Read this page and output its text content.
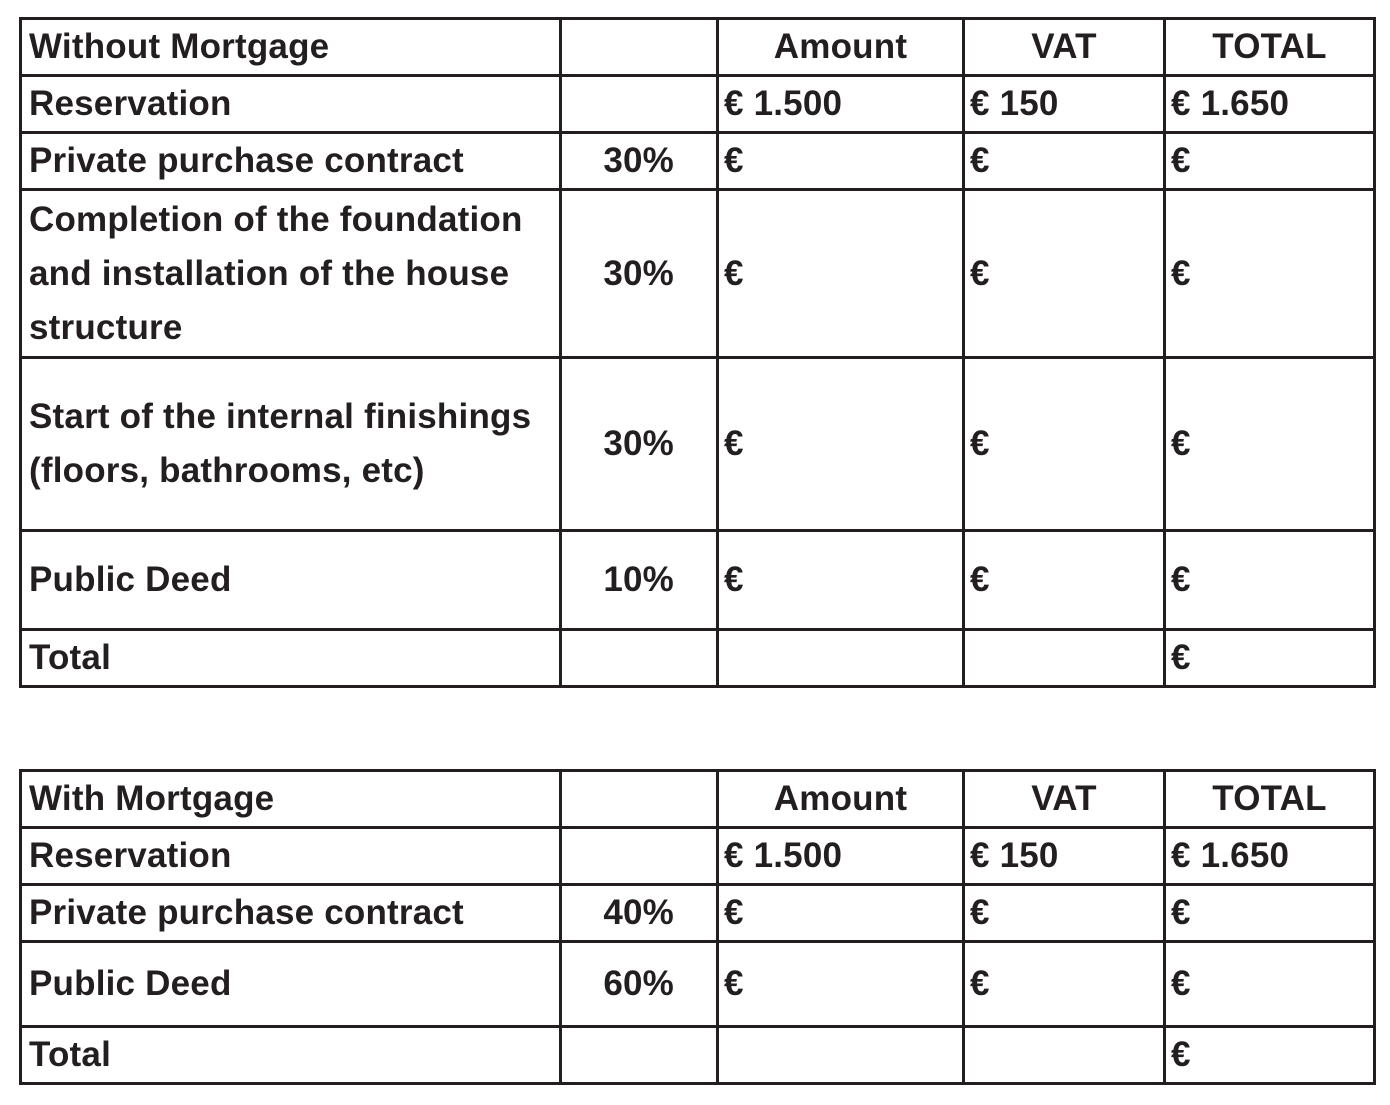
Without Mortgage		Amount	VAT	TOTAL
Reservation		€ 1.500	€ 150	€ 1.650
Private purchase contract	30%	€	€	€
Completion of the foundation and installation of the house structure	30%	€	€	€
Start of the internal finishings (floors, bathrooms, etc)	30%	€	€	€
Public Deed	10%	€	€	€
Total				€
With Mortgage		Amount	VAT	TOTAL
Reservation		€ 1.500	€ 150	€ 1.650
Private purchase contract	40%	€	€	€
Public Deed	60%	€	€	€
Total				€
